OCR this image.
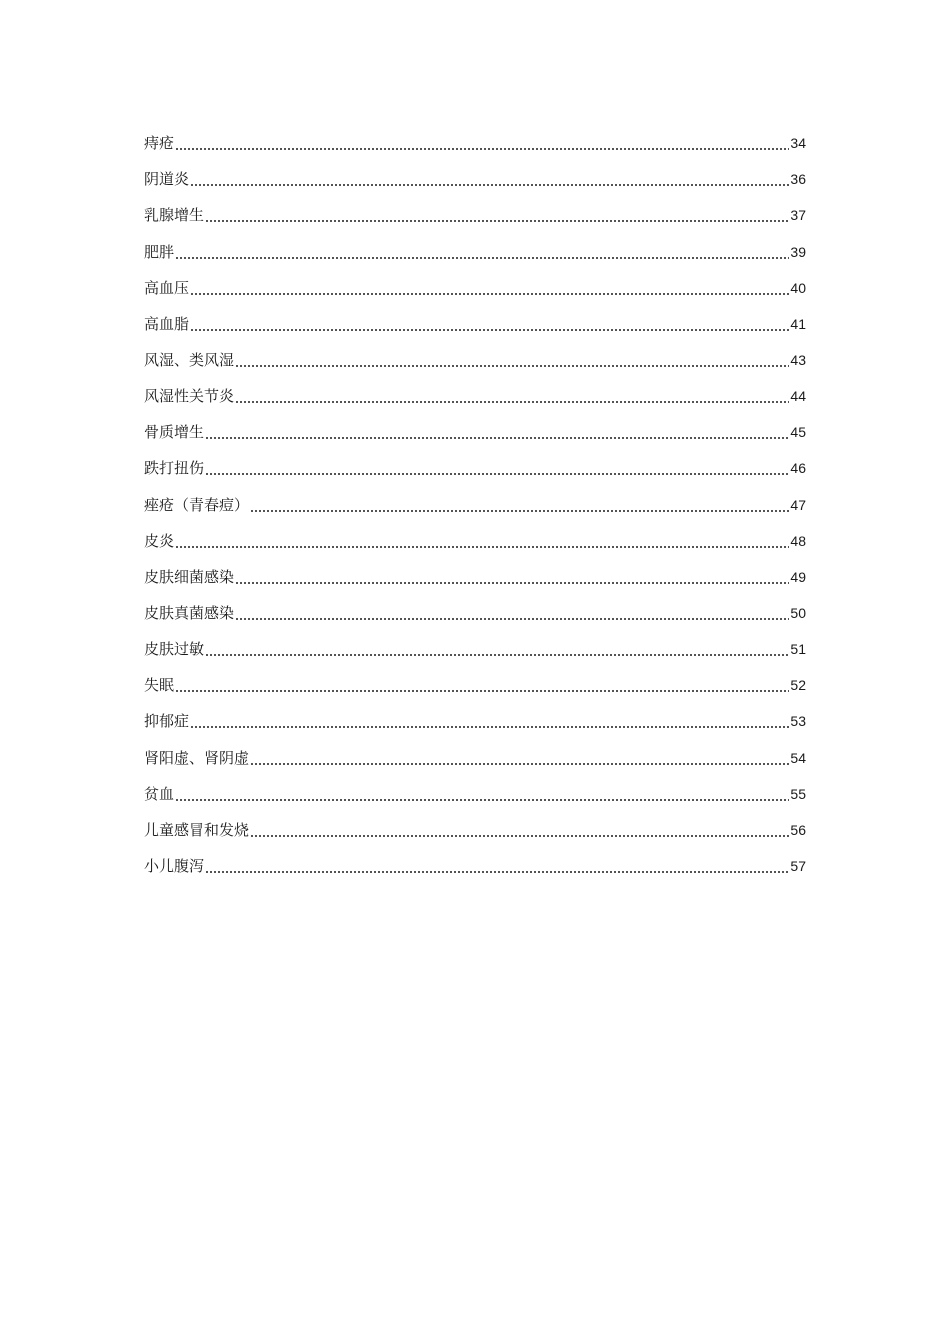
痔疮	34
阴道炎	36
乳腺增生	37
肥胖	39
高血压	40
高血脂	41
风湿、类风湿	43
风湿性关节炎	44
骨质增生	45
跌打扭伤	46
痤疮（青春痘）	47
皮炎	48
皮肤细菌感染	49
皮肤真菌感染	50
皮肤过敏	51
失眠	52
抑郁症	53
肾阳虚、肾阴虚	54
贫血	55
儿童感冒和发烧	56
小儿腹泻	57
